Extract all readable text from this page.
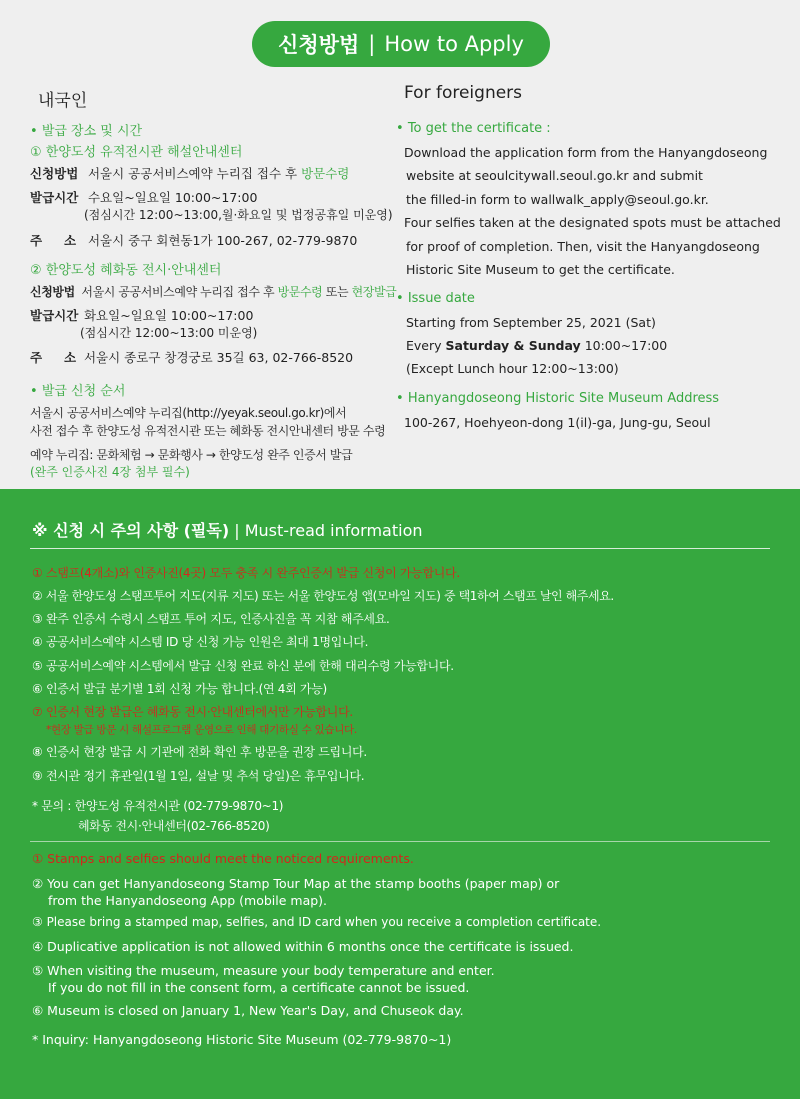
신청방법 | How to Apply
내국인
• 발급 장소 및 시간
① 한양도성 유적전시관 해설안내센터
신청방법 서울시 공공서비스예약 누리집 접수 후 방문수령
발급시간 수요일~일요일 10:00~17:00
(점심시간 12:00~13:00,월·화요일 및 법정공휴일 미운영)
주 소 서울시 중구 회현동1가 100-267, 02-779-9870
② 한양도성 혜화동 전시·안내센터
신청방법 서울시 공공서비스예약 누리집 접수 후 방문수령 또는 현장발급
발급시간 화요일~일요일 10:00~17:00
(점심시간 12:00~13:00 미운영)
주 소 서울시 종로구 창경궁로 35길 63, 02-766-8520
• 발급 신청 순서
서울시 공공서비스예약 누리집(http://yeyak.seoul.go.kr)에서
사전 접수 후 한양도성 유적전시관 또는 혜화동 전시안내센터 방문 수령
예약 누리집: 문화체험 → 문화행사 → 한양도성 완주 인증서 발급
(완주 인증사진 4장 첨부 필수)
For foreigners
• To get the certificate :
Download the application form from the Hanyangdoseong
website at seoulcitywall.seoul.go.kr and submit
the filled-in form to wallwalk_apply@seoul.go.kr.
Four selfies taken at the designated spots must be attached
for proof of completion. Then, visit the Hanyangdoseong
Historic Site Museum to get the certificate.
• Issue date
Starting from September 25, 2021 (Sat)
Every Saturday & Sunday 10:00~17:00
(Except Lunch hour 12:00~13:00)
• Hanyangdoseong Historic Site Museum Address
100-267, Hoehyeon-dong 1(il)-ga, Jung-gu, Seoul
※ 신청 시 주의 사항 (필독) | Must-read information
① 스탬프(4개소)와 인증사진(4곳) 모두 충족 시 완주인증서 발급 신청이 가능합니다.
② 서울 한양도성 스탬프투어 지도(지류 지도) 또는 서울 한양도성 앱(모바일 지도) 중 택1하여 스탬프 날인 해주세요.
③ 완주 인증서 수령시 스탬프 투어 지도, 인증사진을 꼭 지참 해주세요.
④ 공공서비스예약 시스템 ID 당 신청 가능 인원은 최대 1명입니다.
⑤ 공공서비스예약 시스템에서 발급 신청 완료 하신 분에 한해 대리수령 가능합니다.
⑥ 인증서 발급 분기별 1회 신청 가능 합니다.(연 4회 가능)
⑦ 인증서 현장 발급은 혜화동 전시·안내센터에서만 가능합니다.
*현장 발급 방문 시 해설프로그램 운영으로 인해 대기하실 수 있습니다.
⑧ 인증서 현장 발급 시 기관에 전화 확인 후 방문을 권장 드립니다.
⑨ 전시관 정기 휴관일(1월 1일, 설날 및 추석 당일)은 휴무입니다.
* 문의 : 한양도성 유적전시관 (02-779-9870~1)
혜화동 전시·안내센터(02-766-8520)
① Stamps and selfies should meet the noticed requirements.
② You can get Hanyandoseong Stamp Tour Map at the stamp booths (paper map) or
from the Hanyandoseong App (mobile map).
③ Please bring a stamped map, selfies, and ID card when you receive a completion certificate.
④ Duplicative application is not allowed within 6 months once the certificate is issued.
⑤ When visiting the museum, measure your body temperature and enter.
If you do not fill in the consent form, a certificate cannot be issued.
⑥ Museum is closed on January 1, New Year's Day, and Chuseok day.
* Inquiry: Hanyangdoseong Historic Site Museum (02-779-9870~1)
